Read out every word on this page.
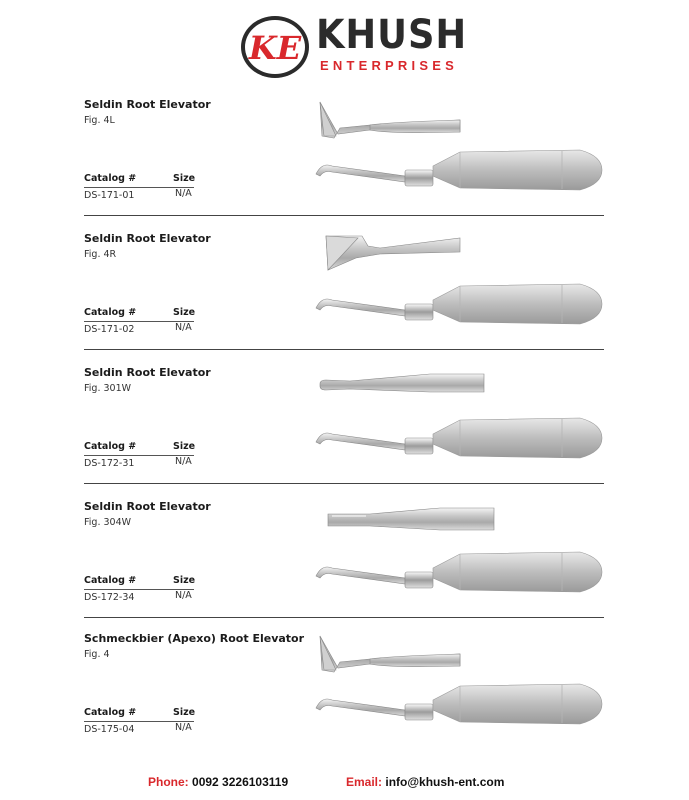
KE KHUSH
ENTERPRISES
Seldin Root Elevator
Fig. 4L
Catalog #	Size
DS-171-01	N/A
Seldin Root Elevator
Fig. 4R
Catalog #	Size
DS-171-02	N/A
Seldin Root Elevator
Fig. 301W
Catalog #	Size
DS-172-31	N/A
Seldin Root Elevator
Fig. 304W
Catalog #	Size
DS-172-34	N/A
Schmeckbier (Apexo) Root Elevator
Fig. 4
Catalog #	Size
DS-175-04	N/A
Phone: 0092 3226103119	Email: info@khush-ent.com
